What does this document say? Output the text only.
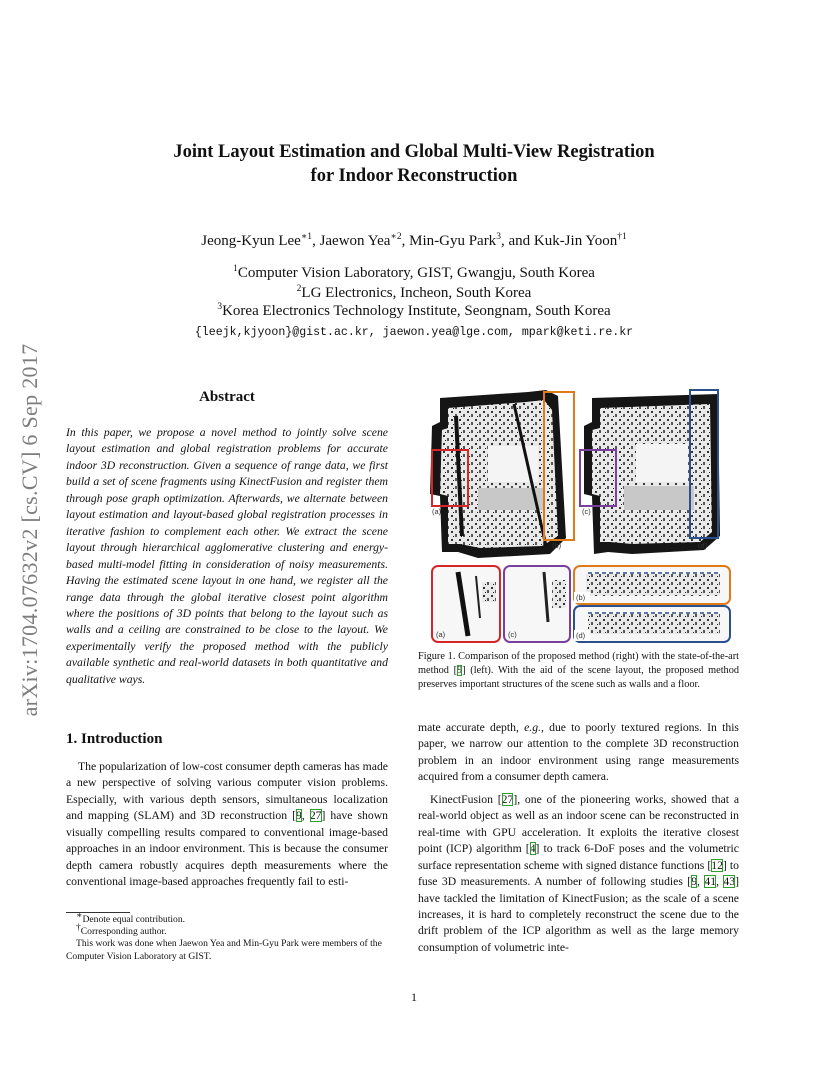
arXiv:1704.07632v2 [cs.CV] 6 Sep 2017
Joint Layout Estimation and Global Multi-View Registration
for Indoor Reconstruction
Jeong-Kyun Lee$^{∗1}$, Jaewon Yea$^{∗2}$, Min-Gyu Park$^3$, and Kuk-Jin Yoon$^{\dagger 1}$
$^1$Computer Vision Laboratory, GIST, Gwangju, South Korea
$^2$LG Electronics, Incheon, South Korea
$^3$Korea Electronics Technology Institute, Seongnam, South Korea
{leejk,kjyoon}@gist.ac.kr, jaewon.yea@lge.com, mpark@keti.re.kr
Abstract
In this paper, we propose a novel method to jointly solve scene layout estimation and global registration problems for accurate indoor 3D reconstruction. Given a sequence of range data, we first build a set of scene fragments using KinectFusion and register them through pose graph optimization. Afterwards, we alternate between layout estimation and layout-based global registration processes in iterative fashion to complement each other. We extract the scene layout through hierarchical agglomerative clustering and energy-based multi-model fitting in consideration of noisy measurements. Having the estimated scene layout in one hand, we register all the range data through the global iterative closest point algorithm where the positions of 3D points that belong to the layout such as walls and a ceiling are constrained to be close to the layout. We experimentally verify the proposed method with the publicly available synthetic and real-world datasets in both quantitative and qualitative ways.
1. Introduction

The popularization of low-cost consumer depth cameras has made a new perspective of solving various computer vision problems. Especially, with various depth sensors, simultaneous localization and mapping (SLAM) and 3D reconstruction [9, 27] have shown visually compelling results compared to conventional image-based approaches in an indoor environment. This is because the consumer depth camera robustly acquires depth measurements where the conventional image-based approaches frequently fail to esti-

∗Denote equal contribution.

†Corresponding author.

This work was done when Jaewon Yea and Min-Gyu Park were members of the Computer Vision Laboratory at GIST.

(a)
(b)
(c)
(d)
(a)	(c)
(b)
(d)
Figure 1. Comparison of the proposed method (right) with the state-of-the-art method [9] (left). With the aid of the scene layout, the proposed method preserves important structures of the scene such as walls and a floor.

mate accurate depth, e.g., due to poorly textured regions. In this paper, we narrow our attention to the complete 3D reconstruction problem in an indoor environment using range measurements acquired from a consumer depth camera.

KinectFusion [27], one of the pioneering works, showed that a real-world object as well as an indoor scene can be reconstructed in real-time with GPU acceleration. It exploits the iterative closest point (ICP) algorithm [4] to track 6-DoF poses and the volumetric surface representation scheme with signed distance functions [12] to fuse 3D measurements. A number of following studies [9, 41, 43] have tackled the limitation of KinectFusion; as the scale of a scene increases, it is hard to completely reconstruct the scene due to the drift problem of the ICP algorithm as well as the large memory consumption of volumetric inte-

1
